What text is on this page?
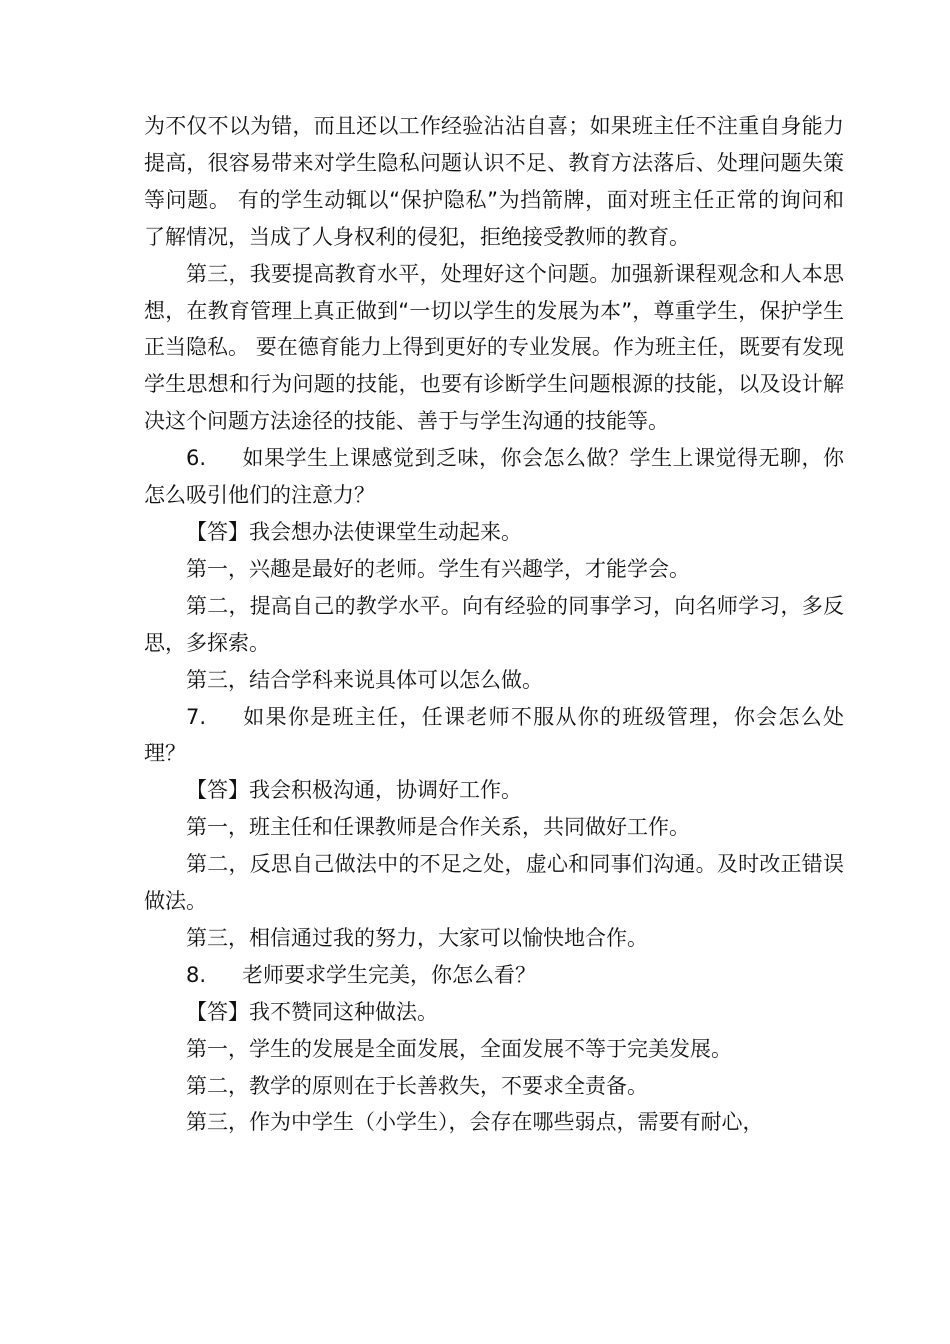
为不仅不以为错，而且还以工作经验沾沾自喜；如果班主任不注重自身能力提高，很容易带来对学生隐私问题认识不足、教育方法落后、处理问题失策等问题。 有的学生动辄以“保护隐私”为挡箭牌，面对班主任正常的询问和了解情况，当成了人身权利的侵犯，拒绝接受教师的教育。

第三，我要提高教育水平，处理好这个问题。加强新课程观念和人本思想，在教育管理上真正做到“一切以学生的发展为本”，尊重学生，保护学生正当隐私。 要在德育能力上得到更好的专业发展。作为班主任，既要有发现学生思想和行为问题的技能，也要有诊断学生问题根源的技能，以及设计解决这个问题方法途径的技能、善于与学生沟通的技能等。

6. 如果学生上课感觉到乏味，你会怎么做？学生上课觉得无聊，你怎么吸引他们的注意力？

【答】我会想办法使课堂生动起来。

第一，兴趣是最好的老师。学生有兴趣学，才能学会。

第二，提高自己的教学水平。向有经验的同事学习，向名师学习，多反思，多探索。

第三，结合学科来说具体可以怎么做。

7. 如果你是班主任，任课老师不服从你的班级管理，你会怎么处理？

【答】我会积极沟通，协调好工作。

第一，班主任和任课教师是合作关系，共同做好工作。

第二，反思自己做法中的不足之处，虚心和同事们沟通。及时改正错误做法。

第三，相信通过我的努力，大家可以愉快地合作。

8. 老师要求学生完美，你怎么看？

【答】我不赞同这种做法。

第一，学生的发展是全面发展，全面发展不等于完美发展。

第二，教学的原则在于长善救失，不要求全责备。

第三，作为中学生（小学生），会存在哪些弱点，需要有耐心，
